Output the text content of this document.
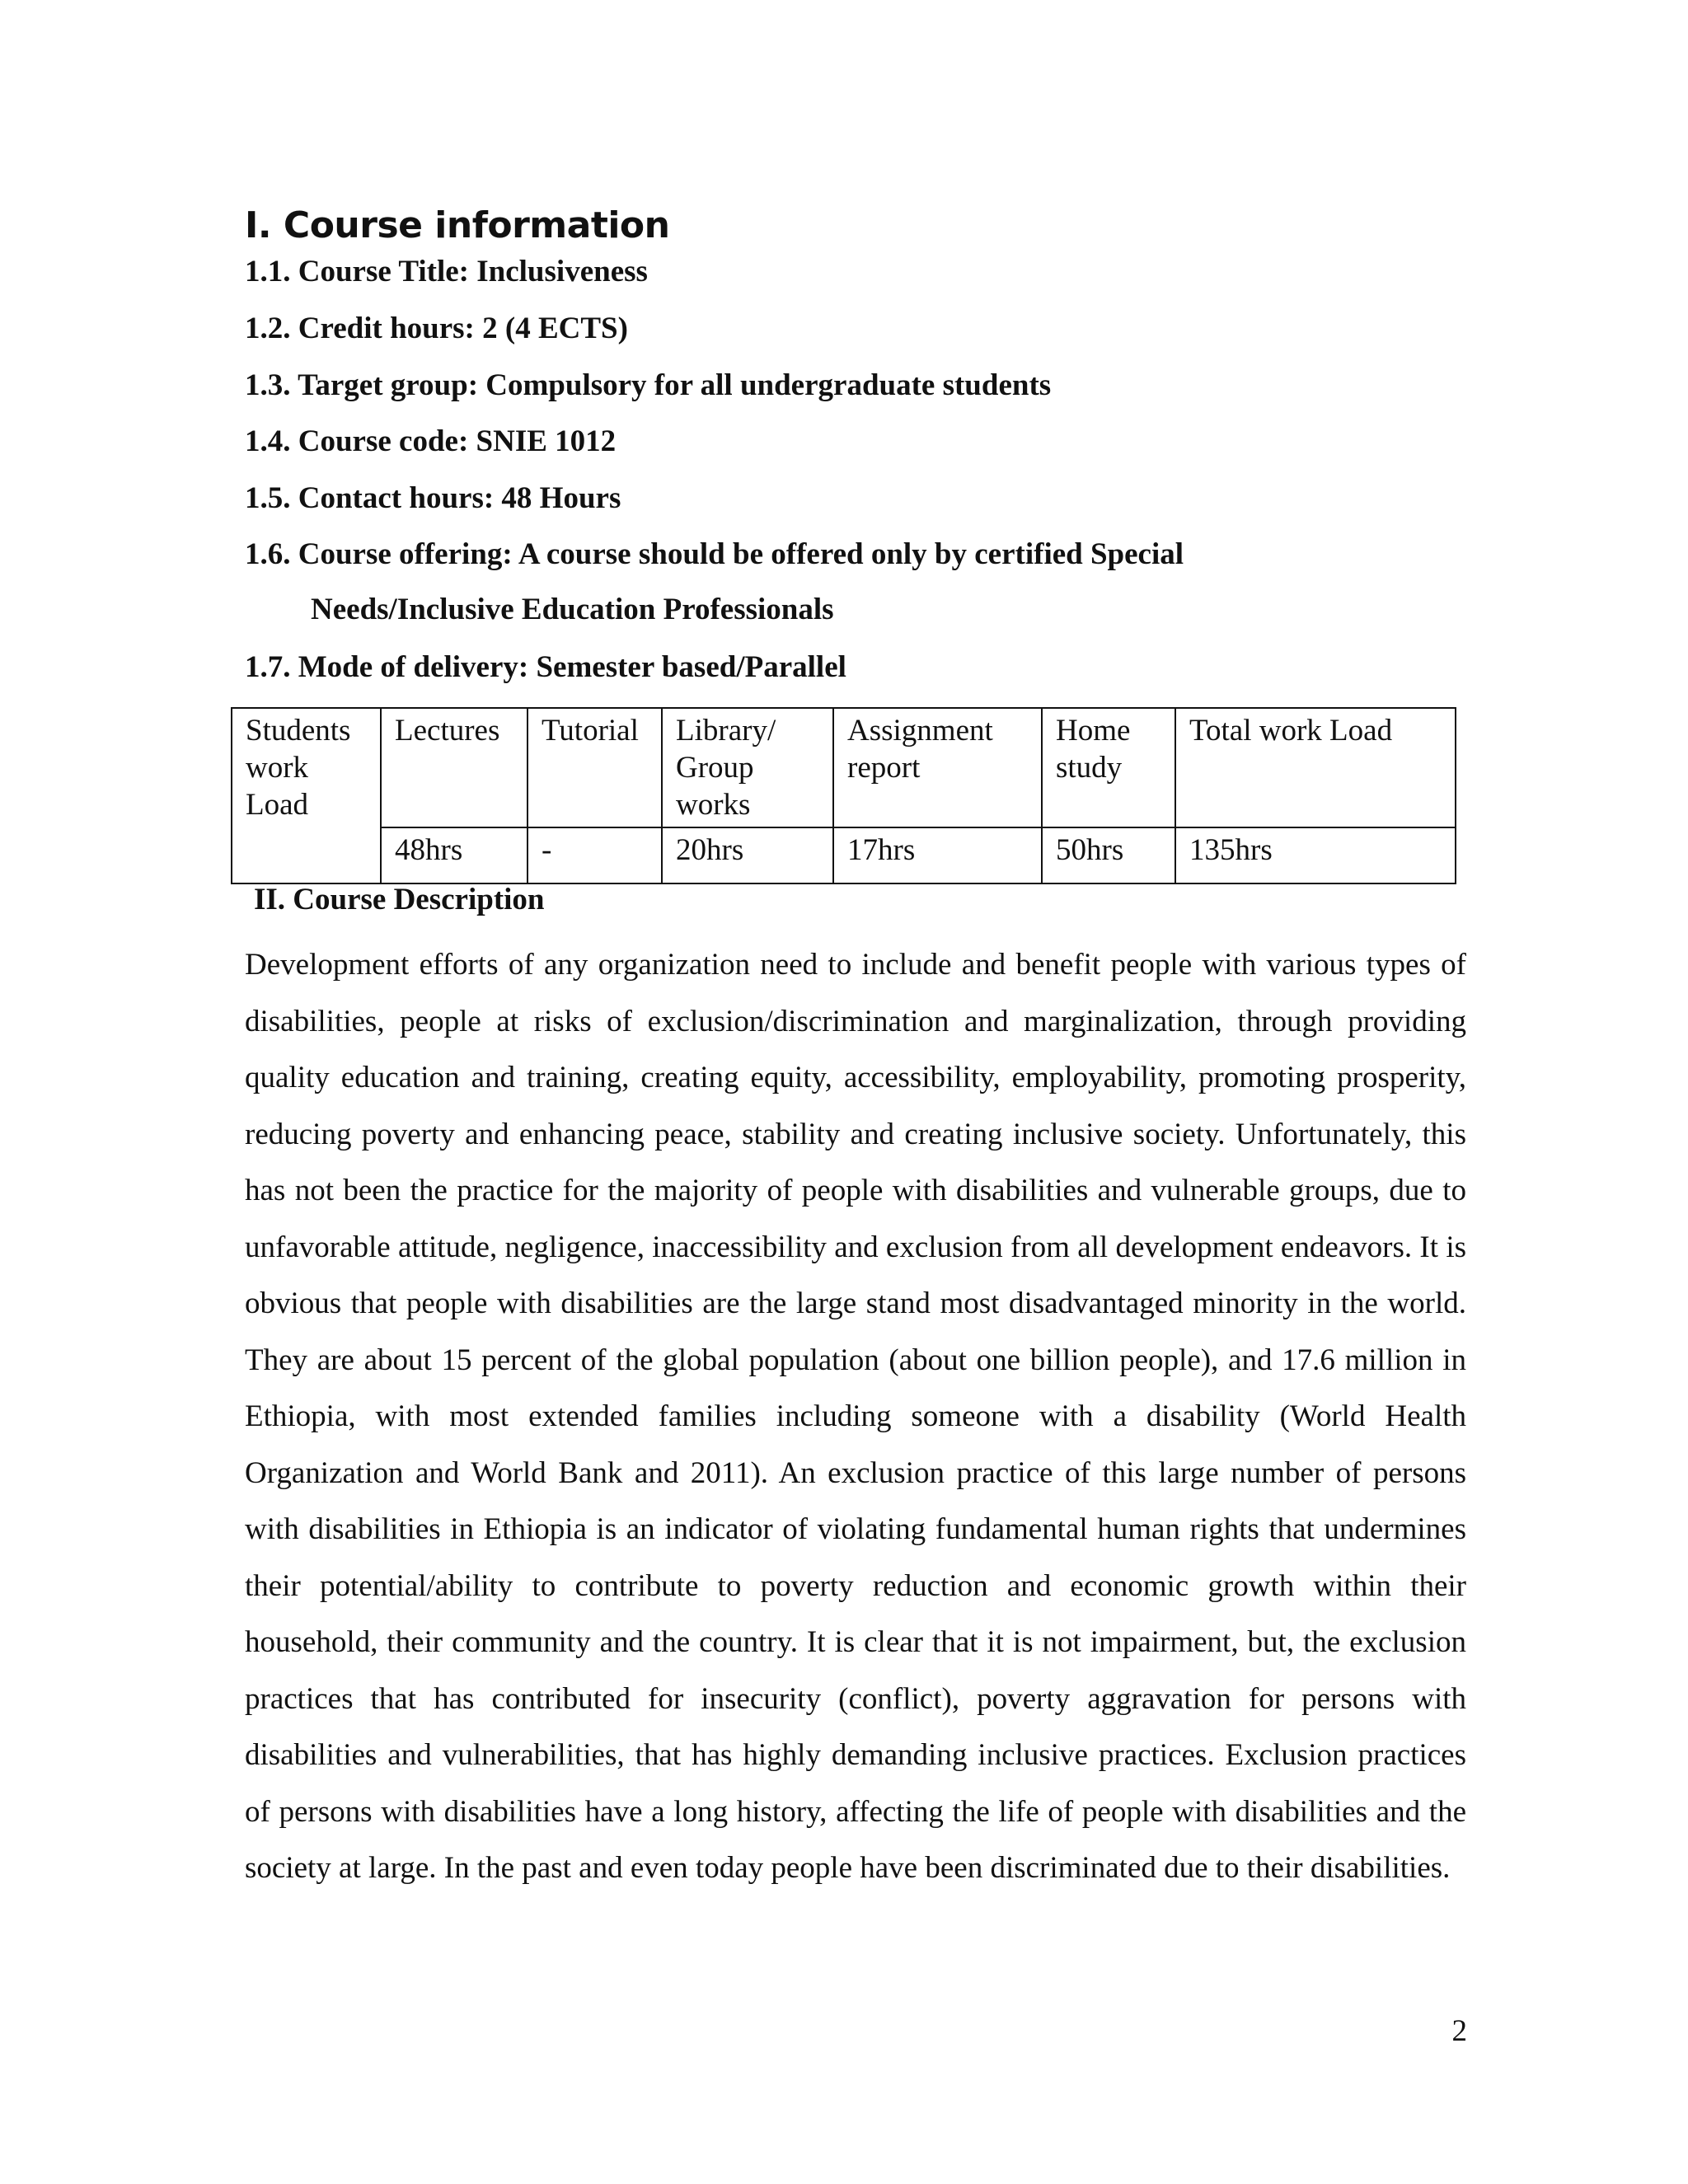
I. Course information
1.1. Course Title: Inclusiveness
1.2. Credit hours: 2 (4 ECTS)
1.3. Target group: Compulsory for all undergraduate students
1.4. Course code: SNIE 1012
1.5. Contact hours: 48 Hours
1.6. Course offering: A course should be offered only by certified Special
Needs/Inclusive Education Professionals
1.7. Mode of delivery: Semester based/Parallel
Students work Load	Lectures	Tutorial	Library/ Group works	Assignment report	Home study	Total work Load
	48hrs	-	20hrs	17hrs	50hrs	135hrs
II. Course Description

Development efforts of any organization need to include and benefit people with various types of disabilities, people at risks of exclusion/discrimination and marginalization, through providing quality education and training, creating equity, accessibility, employability, promoting prosperity, reducing poverty and enhancing peace, stability and creating inclusive society. Unfortunately, this has not been the practice for the majority of people with disabilities and vulnerable groups, due to unfavorable attitude, negligence, inaccessibility and exclusion from all development endeavors. It is obvious that people with disabilities are the large stand most disadvantaged minority in the world. They are about 15 percent of the global population (about one billion people), and 17.6 million in Ethiopia, with most extended families including someone with a disability (World Health Organization and World Bank and 2011). An exclusion practice of this large number of persons with disabilities in Ethiopia is an indicator of violating fundamental human rights that undermines their potential/ability to contribute to poverty reduction and economic growth within their household, their community and the country. It is clear that it is not impairment, but, the exclusion practices that has contributed for insecurity (conflict), poverty aggravation for persons with disabilities and vulnerabilities, that has highly demanding inclusive practices. Exclusion practices of persons with disabilities have a long history, affecting the life of people with disabilities and the society at large. In the past and even today people have been discriminated due to their disabilities.

2
